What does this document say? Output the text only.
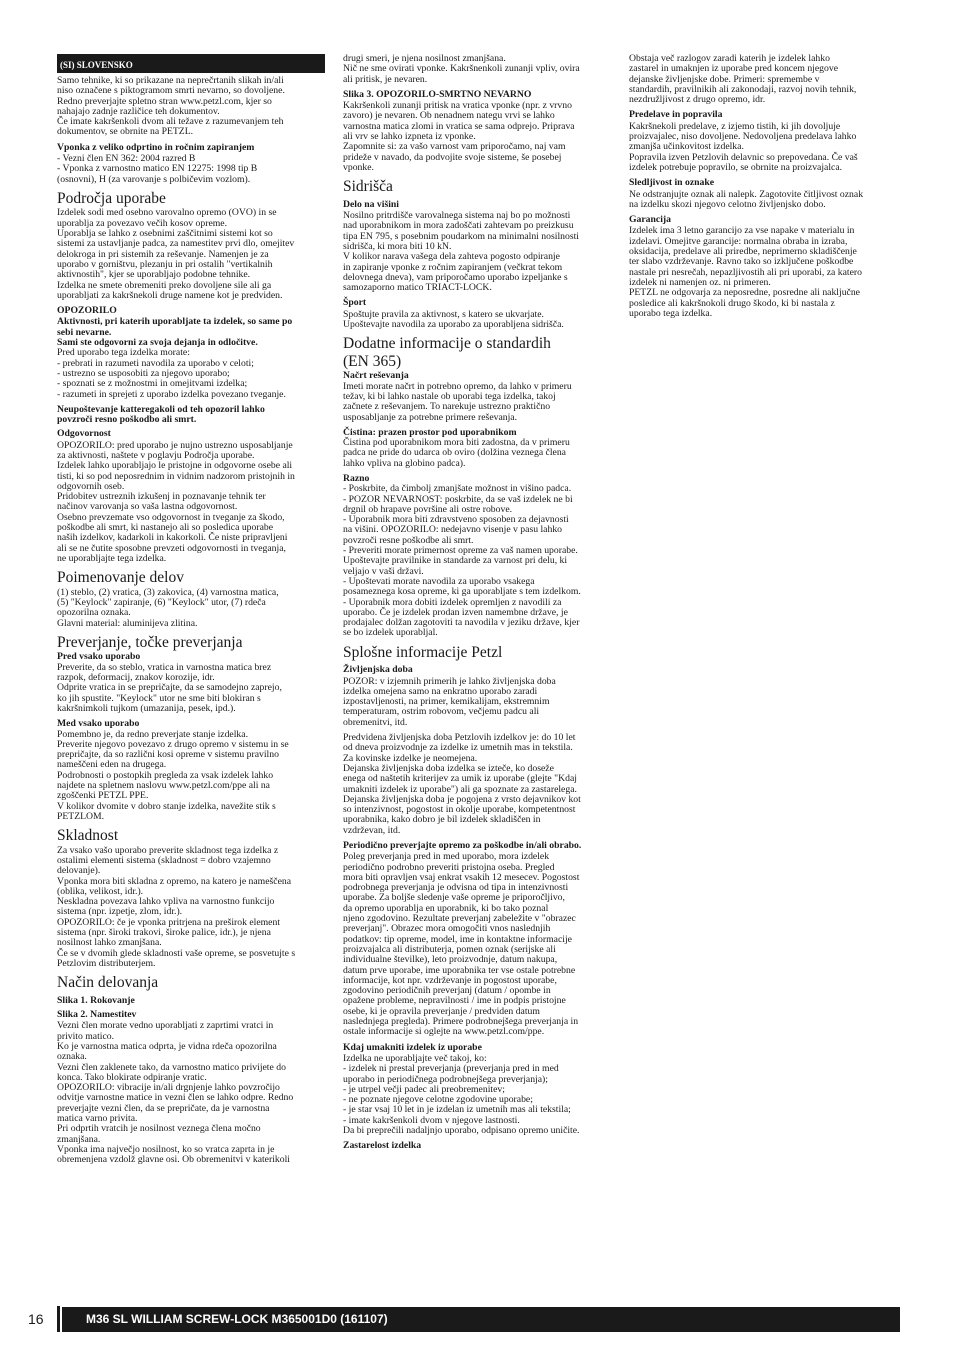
(SI) SLOVENSKO
Samo tehnike, ki so prikazane na neprečrtanih slikah in/ali
niso označene s piktogramom smrti nevarno, so dovoljene.
Redno preverjajte spletno stran www.petzl.com, kjer so
nahajajo zadnje različice teh dokumentov.
Če imate kakršenkoli dvom ali težave z razumevanjem teh
dokumentov, se obrnite na PETZL.
Vponka z veliko odprtino in ročnim zapiranjem
- Vezni člen EN 362: 2004 razred B
- Vponka z varnostno matico EN 12275: 1998 tip B
(osnovni), H (za varovanje s polbičevim vozlom).
Področja uporabe
Izdelek sodi med osebno varovalno opremo (OVO) in se
uporablja za povezavo večih kosov opreme.
Uporablja se lahko z osebnimi zaščitnimi sistemi kot so
sistemi za ustavljanje padca, za namestitev prvi dlo, omejitev
delokroga in pri sistemih za reševanje. Namenjen je za
uporabo v gorništvu, plezanju in pri ostalih "vertikalnih
aktivnostih", kjer se uporabljajo podobne tehnike.
Izdelka ne smete obremeniti preko dovoljene sile ali ga
uporabljati za kakršnekoli druge namene kot je predviden.
OPOZORILO
Aktivnosti, pri katerih uporabljate ta izdelek, so same po
sebi nevarne.
Sami ste odgovorni za svoja dejanja in odločitve.
Pred uporabo tega izdelka morate:
- prebrati in razumeti navodila za uporabo v celoti;
- ustrezno se usposobiti za njegovo uporabo;
- spoznati se z možnostmi in omejitvami izdelka;
- razumeti in sprejeti z uporabo izdelka povezano tveganje.
Neupoštevanje katteregakoli od teh opozoril lahko
povzroči resno poškodbo ali smrt.
Odgovornost
OPOZORILO: pred uporabo je nujno ustrezno usposabljanje
za aktivnosti, naštete v poglavju Področja uporabe.
Izdelek lahko uporabljajo le pristojne in odgovorne osebe ali
tisti, ki so pod neposrednim in vidnim nadzorom pristojnih in
odgovornih oseb.
Pridobitev ustreznih izkušenj in poznavanje tehnik ter
načinov varovanja so vaša lastna odgovornost.
Osebno prevzemate vso odgovornost in tveganje za škodo,
poškodbe ali smrt, ki nastanejo ali so posledica uporabe
naših izdelkov, kadarkoli in kakorkoli. Če niste pripravljeni
ali se ne čutite sposobne prevzeti odgovornosti in tveganja,
ne uporabljajte tega izdelka.
Poimenovanje delov
(1) steblo, (2) vratica, (3) zakovica, (4) varnostna matica,
(5) "Keylock" zapiranje, (6) "Keylock" utor, (7) rdeča
opozorilna oznaka.
Glavni material: aluminijeva zlitina.
Preverjanje, točke preverjanja
Pred vsako uporabo
Preverite, da so steblo, vratica in varnostna matica brez
razpok, deformacij, znakov korozije, idr.
Odprite vratica in se prepričajte, da se samodejno zaprejo,
ko jih spustite. "Keylock" utor ne sme biti blokiran s
kakršnimkoli tujkom (umazanija, pesek, ipd.).
Med vsako uporabo
Pomembno je, da redno preverjate stanje izdelka.
Preverite njegovo povezavo z drugo opremo v sistemu in se
prepričajte, da so različni kosi opreme v sistemu pravilno
nameščeni eden na drugega.
Podrobnosti o postopkih pregleda za vsak izdelek lahko
najdete na spletnem naslovu www.petzl.com/ppe ali na
zgoščenki PETZL PPE.
V kolikor dvomite v dobro stanje izdelka, navežite stik s
PETZLOM.
Skladnost
Za vsako vašo uporabo preverite skladnost tega izdelka z
ostalimi elementi sistema (skladnost = dobro vzajemno
delovanje).
Vponka mora biti skladna z opremo, na katero je nameščena
(oblika, velikost, idr.).
Neskladna povezava lahko vpliva na varnostno funkcijo
sistema (npr. izpetje, zlom, idr.).
OPOZORILO: če je vponka pritrjena na preširok element
sistema (npr. široki trakovi, široke palice, idr.), je njena
nosilnost lahko zmanjšana.
Če se v dvomih glede skladnosti vaše opreme, se posvetujte s
Petzlovim distributerjem.
Način delovanja
Slika 1. Rokovanje
Slika 2. Namestitev
Vezni člen morate vedno uporabljati z zaprtimi vratci in
privito matico.
Ko je varnostna matica odprta, je vidna rdeča opozorilna
oznaka.
Vezni člen zaklenete tako, da varnostno matico privijete do
konca. Tako blokirate odpiranje vratic.
OPOZORILO: vibracije in/ali drgnjenje lahko povzročijo
odvitje varnostne matice in vezni člen se lahko odpre. Redno
preverjajte vezni člen, da se prepričate, da je varnostna
matica varno privita.
Pri odprtih vratcih je nosilnost veznega člena močno
zmanjšana.
Vponka ima največjo nosilnost, ko so vratca zaprta in je
obremenjena vzdolž glavne osi. Ob obremenitvi v katerikoli
drugi smeri, je njena nosilnost zmanjšana.
Nič ne sme ovirati vponke. Kakršnenkoli zunanji vpliv, ovira
ali pritisk, je nevaren.
Slika 3. OPOZORILO-SMRTNO NEVARNO
Kakršenkoli zunanji pritisk na vratica vponke (npr. z vrvno
zavoro) je nevaren. Ob nenadnem nategu vrvi se lahko
varnostna matica zlomi in vratica se sama odprejo. Priprava
ali vrv se lahko izpneta iz vponke.
Zapomnite si: za vašo varnost vam priporočamo, naj vam
prideže v navado, da podvojite svoje sisteme, še posebej
vponke.
Sidrišča
Delo na višini
Nosilno pritrdišče varovalnega sistema naj bo po možnosti
nad uporabnikom in mora zadoščati zahtevam po preizkusu
tipa EN 795, s posebnim poudarkom na minimalni nosilnosti
sidrišča, ki mora biti 10 kN.
V kolikor narava vašega dela zahteva pogosto odpiranje
in zapiranje vponke z ročnim zapiranjem (večkrat tekom
delovnega dneva), vam priporočamo uporabo izpeljanke s
samozaporno matico TRIACT-LOCK.
Šport
Spoštujte pravila za aktivnost, s katero se ukvarjate.
Upoštevajte navodila za uporabo za uporabljena sidrišča.
Dodatne informacije o standardih
(EN 365)
Načrt reševanja
Imeti morate načrt in potrebno opremo, da lahko v primeru
težav, ki bi lahko nastale ob uporabi tega izdelka, takoj
začnete z reševanjem. To narekuje ustrezno praktično
usposabljanje za potrebne primere reševanja.
Čistina: prazen prostor pod uporabnikom
Čistina pod uporabnikom mora biti zadostna, da v primeru
padca ne pride do udarca ob oviro (dolžina veznega člena
lahko vpliva na globino padca).
Razno
- Poskrbite, da čimbolj zmanjšate možnost in višino padca.
- POZOR NEVARNOST: poskrbite, da se vaš izdelek ne bi
drgnil ob hrapave površine ali ostre robove.
- Uporabnik mora biti zdravstveno sposoben za dejavnosti
na višini. OPOZORILO: nedejavno visenje v pasu lahko
povzroči resne poškodbe ali smrt.
- Preveriti morate primernost opreme za vaš namen uporabe.
Upoštevajte pravilnike in standarde za varnost pri delu, ki
veljajo v vaši državi.
- Upoštevati morate navodila za uporabo vsakega
posameznega kosa opreme, ki ga uporabljate s tem izdelkom.
- Uporabnik mora dobiti izdelek opremljen z navodili za
uporabo. Če je izdelek prodan izven namembne države, je
prodajalec dolžan zagotoviti ta navodila v jeziku države, kjer
se bo izdelek uporabljal.
Splošne informacije Petzl
Življenjska doba
POZOR: v izjemnih primerih je lahko življenjska doba
izdelka omejena samo na enkratno uporabo zaradi
izpostavljenosti, na primer, kemikalijam, ekstremnim
temperaturam, ostrim robovom, večjemu padcu ali
obremenitvi, itd.
Predvidena življenjska doba Petzlovih izdelkov je: do 10 let
od dneva proizvodnje za izdelke iz umetnih mas in tekstila.
Za kovinske izdelke je neomejena.
Dejanska življenjska doba izdelka se izteče, ko dosežе
enega od naštetih kriterijev za umik iz uporabe (glejte "Kdaj
umakniti izdelek iz uporabe") ali ga spoznate za zastarelega.
Dejanska življenjska doba je pogojena z vrsto dejavnikov kot
so intenzivnost, pogostost in okolje uporabe, kompetentnost
uporabnika, kako dobro je bil izdelek skladiščen in
vzdrževan, itd.
Periodično preverjajte opremo za poškodbe in/ali obrabo.
Poleg preverjanja pred in med uporabo, mora izdelek
periodično podrobno preveriti pristojna oseba. Pregled
mora biti opravljen vsaj enkrat vsakih 12 mesecev. Pogostost
podrobnega preverjanja je odvisna od tipa in intenzivnosti
uporabe. Za boljše sledenje vaše opreme je priporočljivo,
da opremo uporablja en uporabnik, ki bo tako poznal
njeno zgodovino. Rezultate preverjanj zabeležite v "obrazec
preverjanj". Obrazec mora omogočiti vnos naslednjih
podatkov: tip opreme, model, ime in kontaktne informacije
proizvajalca ali distributerja, pomen oznak (serijske ali
individualne številke), leto proizvodnje, datum nakupa,
datum prve uporabe, ime uporabnika ter vse ostale potrebne
informacije, kot npr. vzdrževanje in pogostost uporabe,
zgodovino periodičnih preverjanj (datum / opombe in
opažene probleme, nepravilnosti / ime in podpis pristojne
osebe, ki je opravila preverjanje / predviden datum
naslednjega pregleda). Primere podrobnejšega preverjanja in
ostale informacije si oglejte na www.petzl.com/ppe.
Kdaj umakniti izdelek iz uporabe
Izdelka ne uporabljajte več takoj, ko:
- izdelek ni prestal preverjanja (preverjanja pred in med
uporabo in periodičnega podrobnejšega preverjanja);
- je utrpel večji padec ali preobremenitev;
- ne poznate njegove celotne zgodovine uporabe;
- je star vsaj 10 let in je izdelan iz umetnih mas ali tekstila;
- imate kakršenkoli dvom v njegove lastnosti.
Da bi preprečili nadaljnjo uporabo, odpisano opremo uničite.
Zastarelost izdelka
Obstaja več razlogov zaradi katerih je izdelek lahko
zastarel in umaknjen iz uporabe pred koncem njegove
dejanske življenjske dobe. Primeri: spremembe v
standardih, pravilnikih ali zakonodaji, razvoj novih tehnik,
nezdružljivost z drugo opremo, idr.
Predelave in popravila
Kakršnekoli predelave, z izjemo tistih, ki jih dovoljuje
proizvajalec, niso dovoljene. Nedovoljena predelava lahko
zmanjša učinkovitost izdelka.
Popravila izven Petzlovih delavnic so prepovedana. Če vaš
izdelek potrebuje popravilo, se obrnite na proizvajalca.
Sledljivost in oznake
Ne odstranjujte oznak ali nalepk. Zagotovite čitljivost oznak
na izdelku skozi njegovo celotno življenjsko dobo.
Garancija
Izdelek ima 3 letno garancijo za vse napake v materialu in
izdelavi. Omejitve garancije: normalna obraba in izraba,
oksidacija, predelave ali priredbe, neprimerno skladiščenje
ter slabo vzdrževanje. Ravno tako so izključene poškodbe
nastale pri nesrečah, nepazljivostih ali pri uporabi, za katero
izdelek ni namenjen oz. ni primeren.
PETZL ne odgovarja za neposredne, posredne ali naključne
posledice ali kakršnokoli drugo škodo, ki bi nastala z
uporabo tega izdelka.
16	M36 SL WILLIAM SCREW-LOCK M365001D0 (161107)
